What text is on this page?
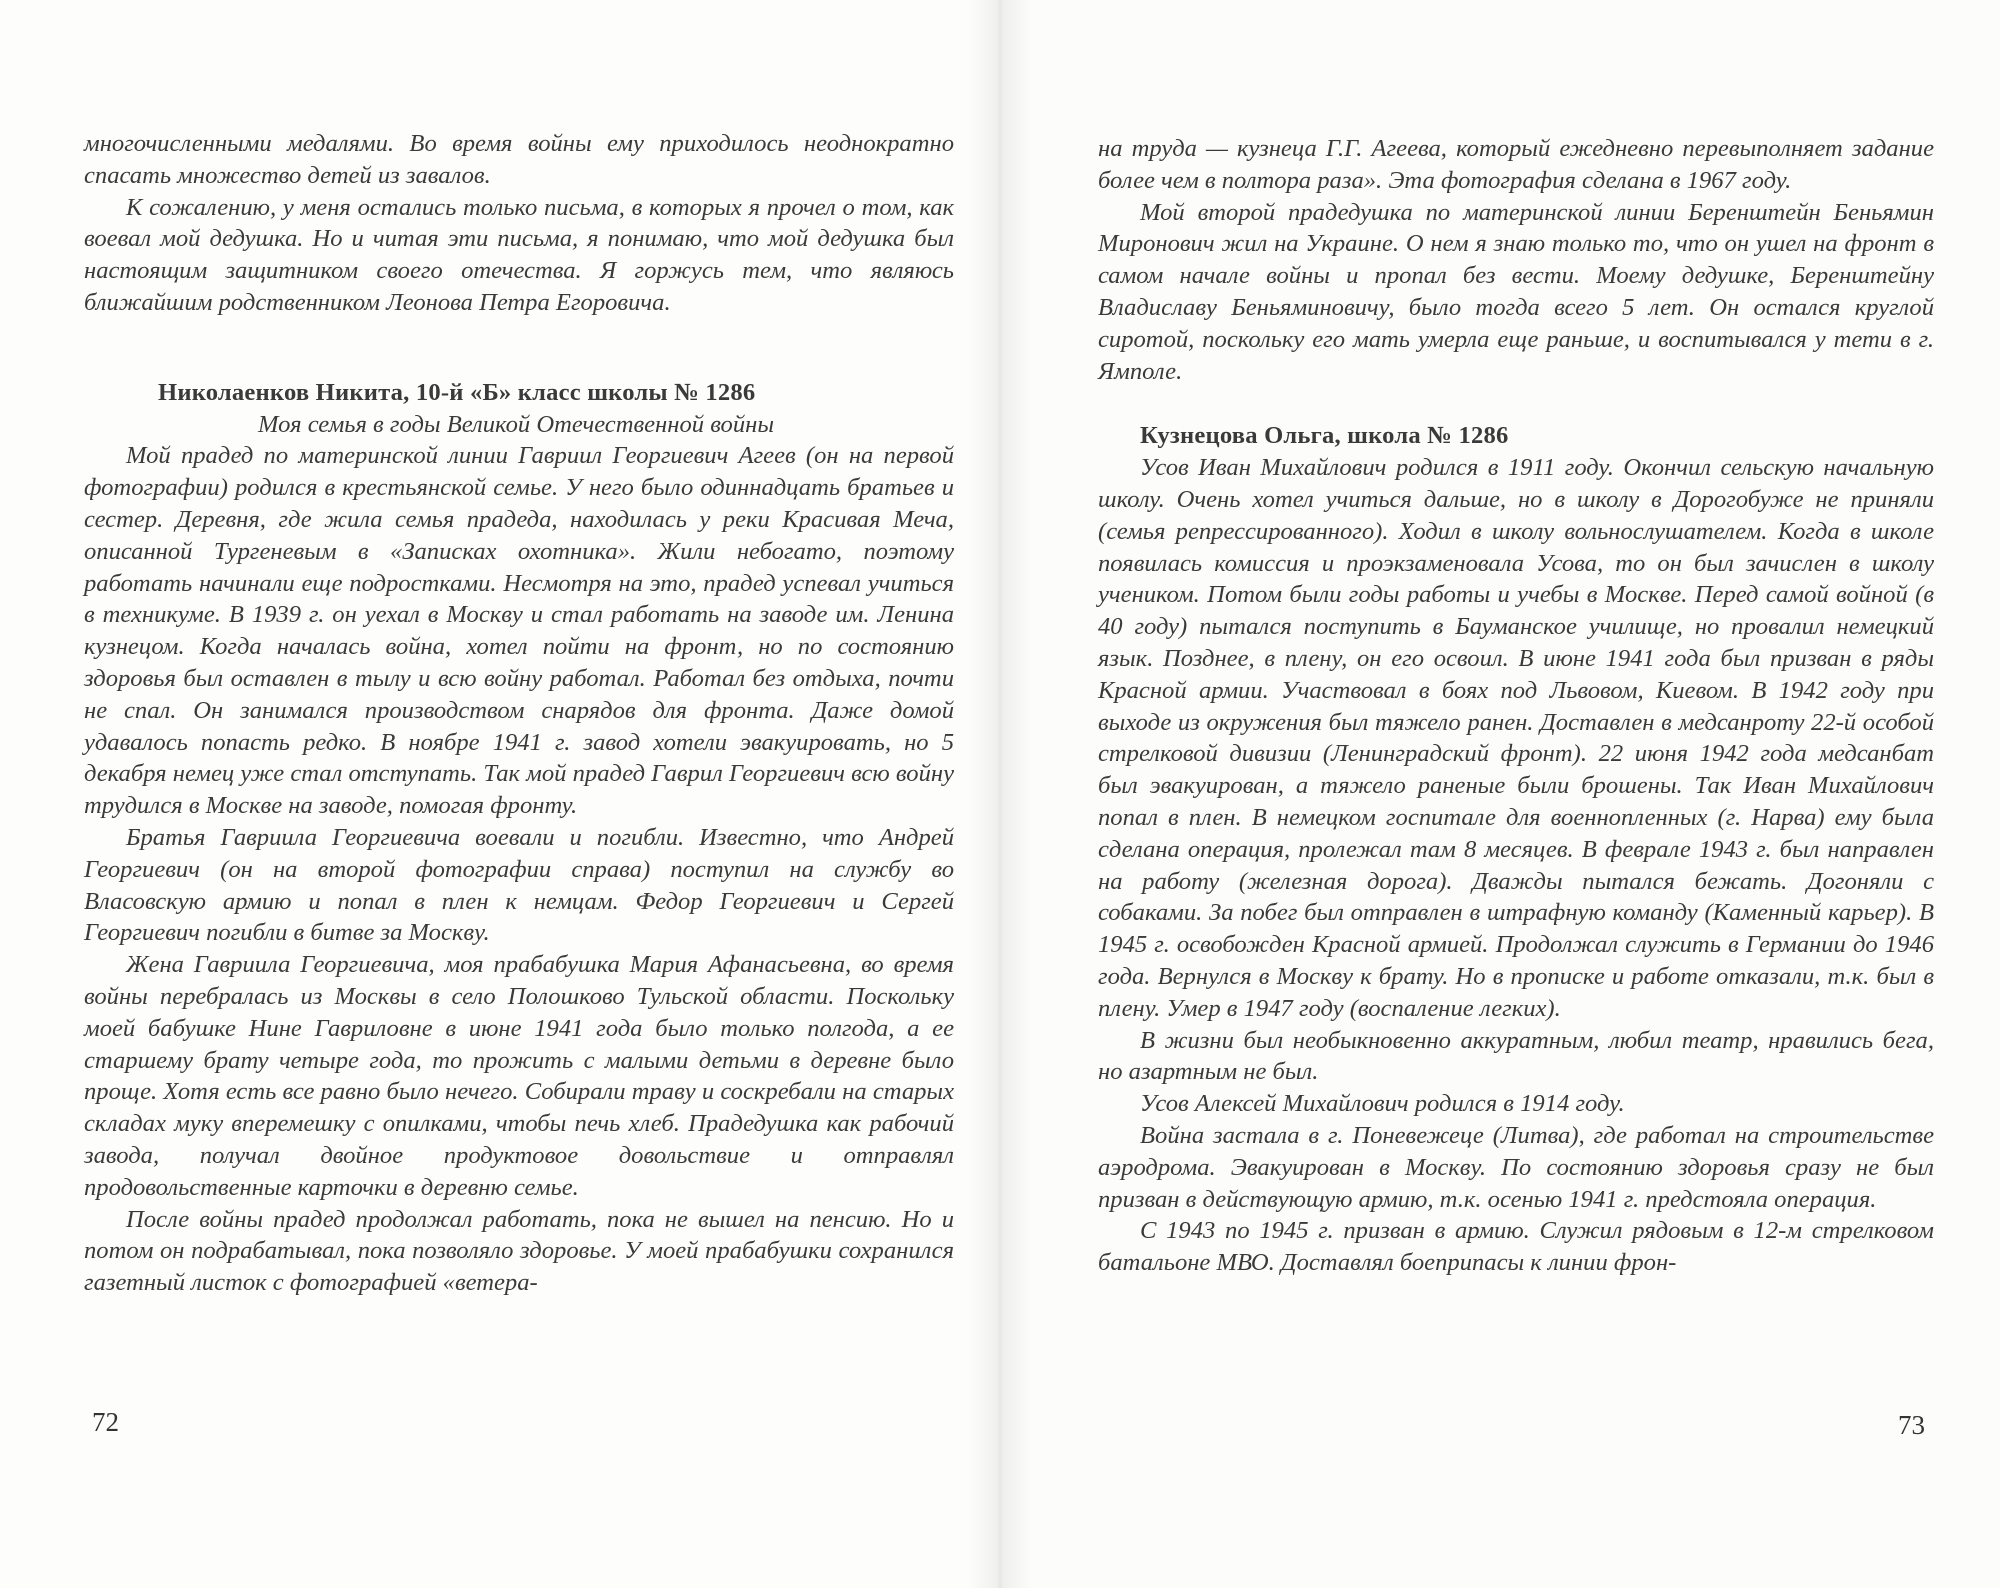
многочисленными медалями. Во время войны ему приходилось неоднократно спасать множество детей из завалов.

К сожалению, у меня остались только письма, в которых я прочел о том, как воевал мой дедушка. Но и читая эти письма, я понимаю, что мой дедушка был настоящим защитником своего отечества. Я горжусь тем, что являюсь ближайшим родственником Леонова Петра Егоровича.

Николаенков Никита, 10-й «Б» класс школы № 1286

Моя семья в годы Великой Отечественной войны

Мой прадед по материнской линии Гавриил Георгиевич Агеев (он на первой фотографии) родился в крестьянской семье. У него было одиннадцать братьев и сестер. Деревня, где жила семья прадеда, находилась у реки Красивая Меча, описанной Тургеневым в «Записках охотника». Жили небогато, поэтому работать начинали еще подростками. Несмотря на это, прадед успевал учиться в техникуме. В 1939 г. он уехал в Москву и стал работать на заводе им. Ленина кузнецом. Когда началась война, хотел пойти на фронт, но по состоянию здоровья был оставлен в тылу и всю войну работал. Работал без отдыха, почти не спал. Он занимался производством снарядов для фронта. Даже домой удавалось попасть редко. В ноябре 1941 г. завод хотели эвакуировать, но 5 декабря немец уже стал отступать. Так мой прадед Гаврил Георгиевич всю войну трудился в Москве на заводе, помогая фронту.

Братья Гавриила Георгиевича воевали и погибли. Известно, что Андрей Георгиевич (он на второй фотографии справа) поступил на службу во Власовскую армию и попал в плен к немцам. Федор Георгиевич и Сергей Георгиевич погибли в битве за Москву.

Жена Гавриила Георгиевича, моя прабабушка Мария Афанасьевна, во время войны перебралась из Москвы в село Полошково Тульской области. Поскольку моей бабушке Нине Гавриловне в июне 1941 года было только полгода, а ее старшему брату четыре года, то прожить с малыми детьми в деревне было проще. Хотя есть все равно было нечего. Собирали траву и соскребали на старых складах муку вперемешку с опилками, чтобы печь хлеб. Прадедушка как рабочий завода, получал двойное продуктовое довольствие и отправлял продовольственные карточки в деревню семье.

После войны прадед продолжал работать, пока не вышел на пенсию. Но и потом он подрабатывал, пока позволяло здоровье. У моей прабабушки сохранился газетный листок с фотографией «ветера-

72

на труда — кузнеца Г.Г. Агеева, который ежедневно перевыполняет задание более чем в полтора раза». Эта фотография сделана в 1967 году.

Мой второй прадедушка по материнской линии Беренштейн Беньямин Миронович жил на Украине. О нем я знаю только то, что он ушел на фронт в самом начале войны и пропал без вести. Моему дедушке, Беренштейну Владиславу Беньяминовичу, было тогда всего 5 лет. Он остался круглой сиротой, поскольку его мать умерла еще раньше, и воспитывался у тети в г. Ямполе.

Кузнецова Ольга, школа № 1286

Усов Иван Михайлович родился в 1911 году. Окончил сельскую начальную школу. Очень хотел учиться дальше, но в школу в Дорогобуже не приняли (семья репрессированного). Ходил в школу вольнослушателем. Когда в школе появилась комиссия и проэкзаменовала Усова, то он был зачислен в школу учеником. Потом были годы работы и учебы в Москве. Перед самой войной (в 40 году) пытался поступить в Бауманское училище, но провалил немецкий язык. Позднее, в плену, он его освоил. В июне 1941 года был призван в ряды Красной армии. Участвовал в боях под Львовом, Киевом. В 1942 году при выходе из окружения был тяжело ранен. Доставлен в медсанроту 22-й особой стрелковой дивизии (Ленинградский фронт). 22 июня 1942 года медсанбат был эвакуирован, а тяжело раненые были брошены. Так Иван Михайлович попал в плен. В немецком госпитале для военнопленных (г. Нарва) ему была сделана операция, пролежал там 8 месяцев. В феврале 1943 г. был направлен на работу (железная дорога). Дважды пытался бежать. Догоняли с собаками. За побег был отправлен в штрафную команду (Каменный карьер). В 1945 г. освобожден Красной армией. Продолжал служить в Германии до 1946 года. Вернулся в Москву к брату. Но в прописке и работе отказали, т.к. был в плену. Умер в 1947 году (воспаление легких).

В жизни был необыкновенно аккуратным, любил театр, нравились бега, но азартным не был.

Усов Алексей Михайлович родился в 1914 году.

Война застала в г. Поневежеце (Литва), где работал на строительстве аэродрома. Эвакуирован в Москву. По состоянию здоровья сразу не был призван в действующую армию, т.к. осенью 1941 г. предстояла операция.

С 1943 по 1945 г. призван в армию. Служил рядовым в 12-м стрелковом батальоне МВО. Доставлял боеприпасы к линии фрон-

73
